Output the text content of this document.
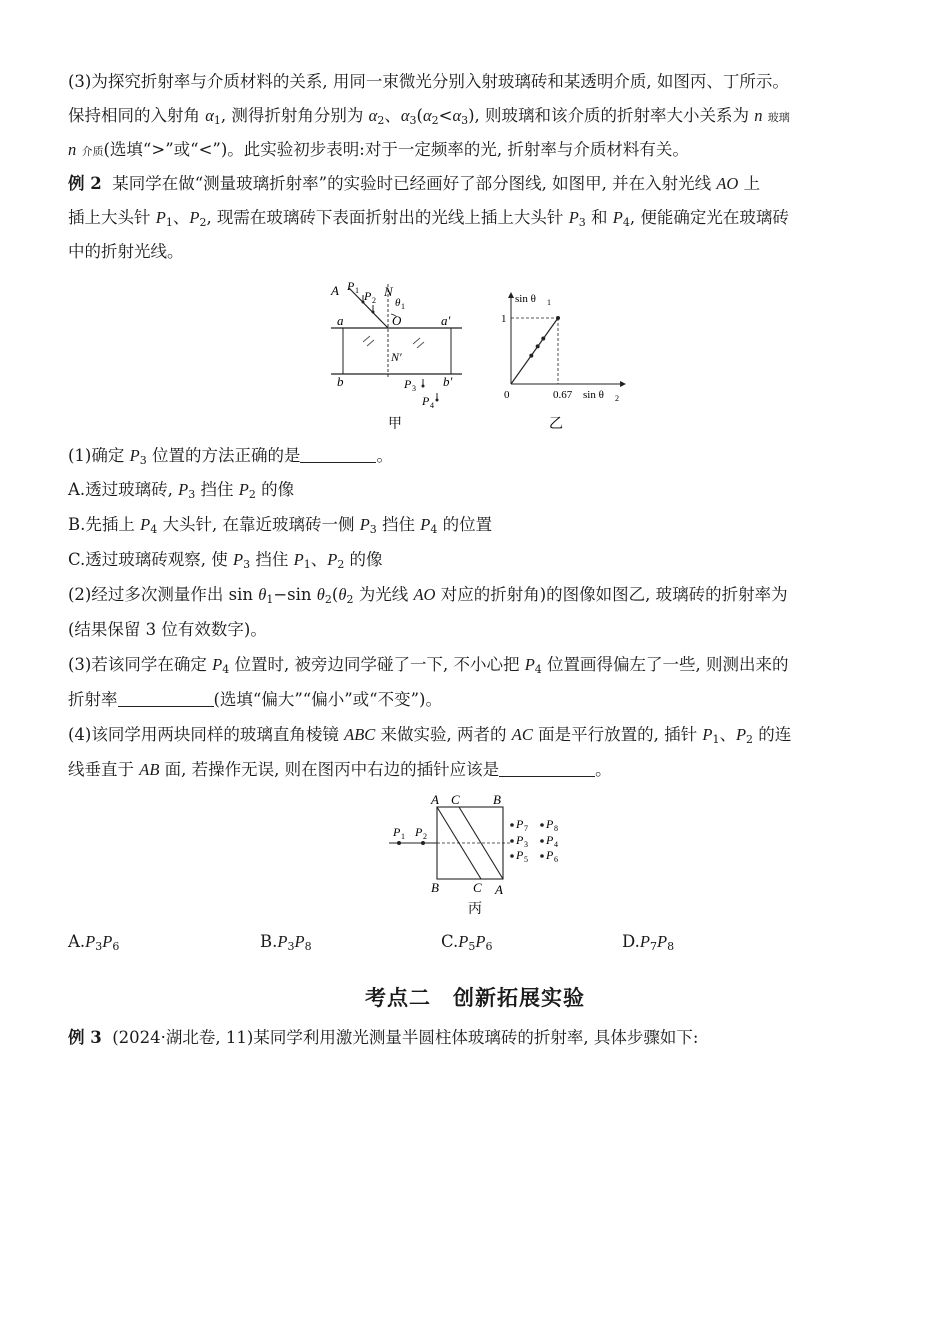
(3)为探究折射率与介质材料的关系, 用同一束微光分别入射玻璃砖和某透明介质, 如图丙、丁所示。
保持相同的入射角 $\alpha_1$, 测得折射角分别为 $\alpha_2$、$\alpha_3(\alpha_2<\alpha_3)$, 则玻璃和该介质的折射率大小关系为 n 玻璃
n 介质(选填“>”或“<”)。此实验初步表明:对于一定频率的光, 折射率与介质材料有关。
例 2 某同学在做“测量玻璃折射率”的实验时已经画好了部分图线, 如图甲, 并在入射光线 AO 上
插上大头针 $P_1$、$P_2$, 现需在玻璃砖下表面折射出的光线上插上大头针 $P_3$ 和 $P_4$, 便能确定光在玻璃砖
中的折射光线。
A P 1 P 2
N
θ 1
O
a	a′
N′
b	b′
P 3
P 4
甲
sin θ 1
1
0	0.67 sin θ 2
乙
(1)确定 $P_3$ 位置的方法正确的是	。
A.透过玻璃砖, $P_3$ 挡住 $P_2$ 的像
B.先插上 $P_4$ 大头针, 在靠近玻璃砖一侧 $P_3$ 挡住 $P_4$ 的位置
C.透过玻璃砖观察, 使 $P_3$ 挡住 $P_1$、$P_2$ 的像
(2)经过多次测量作出 $\sin \theta_1-\sin$ $\theta_2(\theta_2$ 为光线 AO 对应的折射角)的图像如图乙, 玻璃砖的折射率为
(结果保留 3 位有效数字)。
(3)若该同学在确定 $P_4$ 位置时, 被旁边同学碰了一下, 不小心把 $P_4$ 位置画得偏左了一些, 则测出来的
折射率	(选填“偏大”“偏小”或“不变”)。
(4)该同学用两块同样的玻璃直角棱镜 ABC 来做实验, 两者的 AC 面是平行放置的, 插针 $P_1$、$P_2$ 的连
线垂直于 AB 面, 若操作无误, 则在图丙中右边的插针应该是	。
A C	B
B	C A
P 1 P 2
P 7
P 3
P 5
P 8
P 4
P 6
丙
$A.P_3P_6$	$B.P_3P_8$	$C.P_5P_6$	$D.P_7P_8$
考点二　创新拓展实验
例 3 (2024·湖北卷, 11)某同学利用激光测量半圆柱体玻璃砖的折射率, 具体步骤如下:
